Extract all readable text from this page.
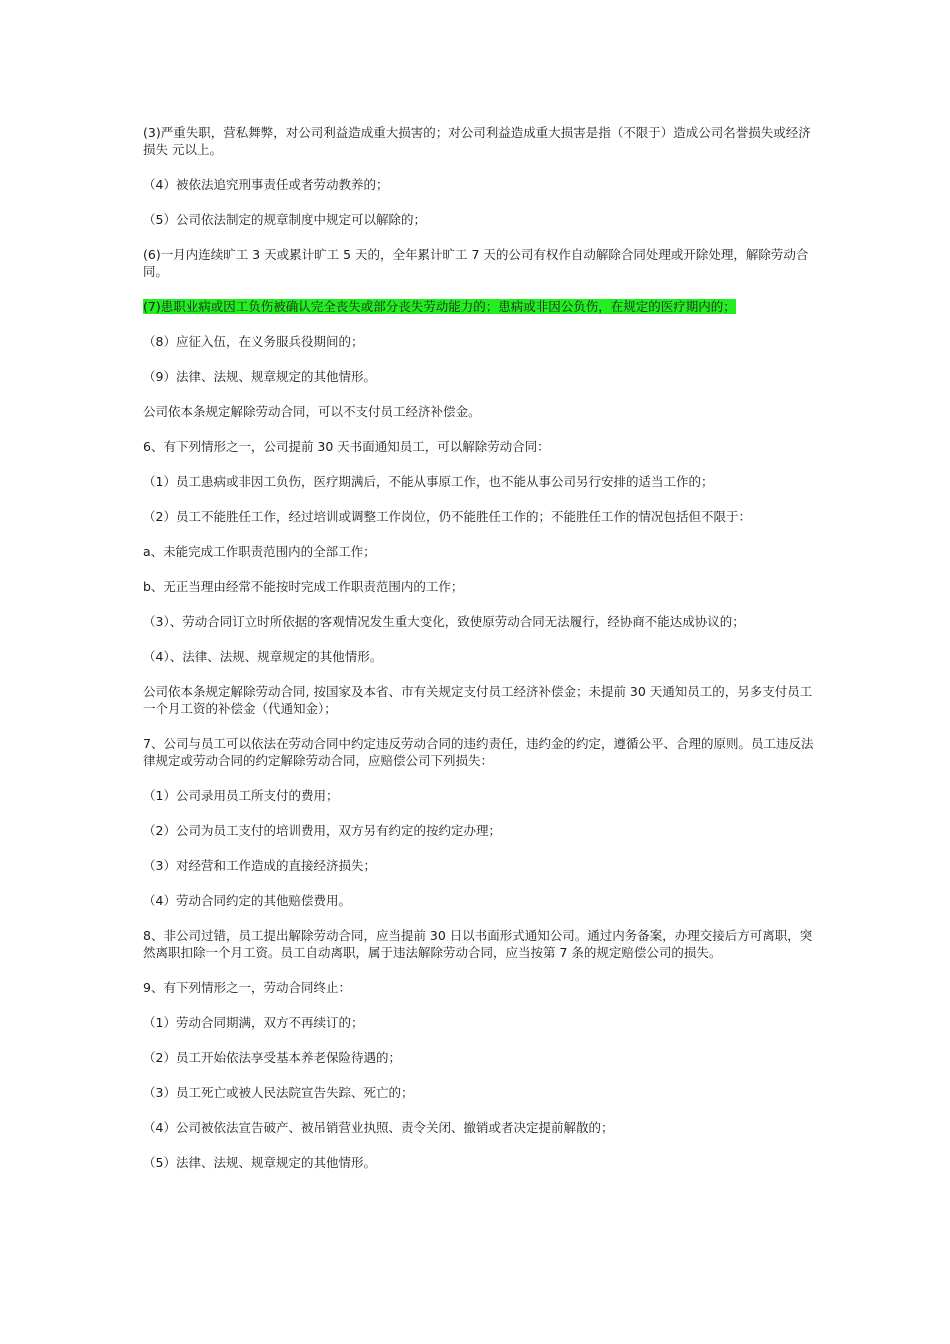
(3)严重失职，营私舞弊，对公司利益造成重大损害的；对公司利益造成重大损害是指（不限于）造成公司名誉损失或经济损失 元以上。

（4）被依法追究刑事责任或者劳动教养的；

（5）公司依法制定的规章制度中规定可以解除的；

(6)一月内连续旷工 3 天或累计旷工 5 天的，全年累计旷工 7 天的公司有权作自动解除合同处理或开除处理，解除劳动合同。

(7)患职业病或因工负伤被确认完全丧失或部分丧失劳动能力的；患病或非因公负伤，在规定的医疗期内的；

（8）应征入伍，在义务服兵役期间的；

（9）法律、法规、规章规定的其他情形。

公司依本条规定解除劳动合同，可以不支付员工经济补偿金。

6、有下列情形之一，公司提前 30 天书面通知员工，可以解除劳动合同：

（1）员工患病或非因工负伤，医疗期满后，不能从事原工作，也不能从事公司另行安排的适当工作的；

（2）员工不能胜任工作，经过培训或调整工作岗位，仍不能胜任工作的；不能胜任工作的情况包括但不限于：

a、未能完成工作职责范围内的全部工作；

b、无正当理由经常不能按时完成工作职责范围内的工作；

（3）、劳动合同订立时所依据的客观情况发生重大变化，致使原劳动合同无法履行，经协商不能达成协议的；

（4）、法律、法规、规章规定的其他情形。

公司依本条规定解除劳动合同, 按国家及本省、市有关规定支付员工经济补偿金；未提前 30 天通知员工的，另多支付员工一个月工资的补偿金（代通知金）；

7、公司与员工可以依法在劳动合同中约定违反劳动合同的违约责任，违约金的约定，遵循公平、合理的原则。员工违反法律规定或劳动合同的约定解除劳动合同，应赔偿公司下列损失：

（1）公司录用员工所支付的费用；

（2）公司为员工支付的培训费用，双方另有约定的按约定办理；

（3）对经营和工作造成的直接经济损失；

（4）劳动合同约定的其他赔偿费用。

8、非公司过错，员工提出解除劳动合同，应当提前 30 日以书面形式通知公司。通过内务备案，办理交接后方可离职，突然离职扣除一个月工资。员工自动离职，属于违法解除劳动合同，应当按第 7 条的规定赔偿公司的损失。

9、有下列情形之一，劳动合同终止：

（1）劳动合同期满，双方不再续订的；

（2）员工开始依法享受基本养老保险待遇的；

（3）员工死亡或被人民法院宣告失踪、死亡的；

（4）公司被依法宣告破产、被吊销营业执照、责令关闭、撤销或者决定提前解散的；

（5）法律、法规、规章规定的其他情形。
